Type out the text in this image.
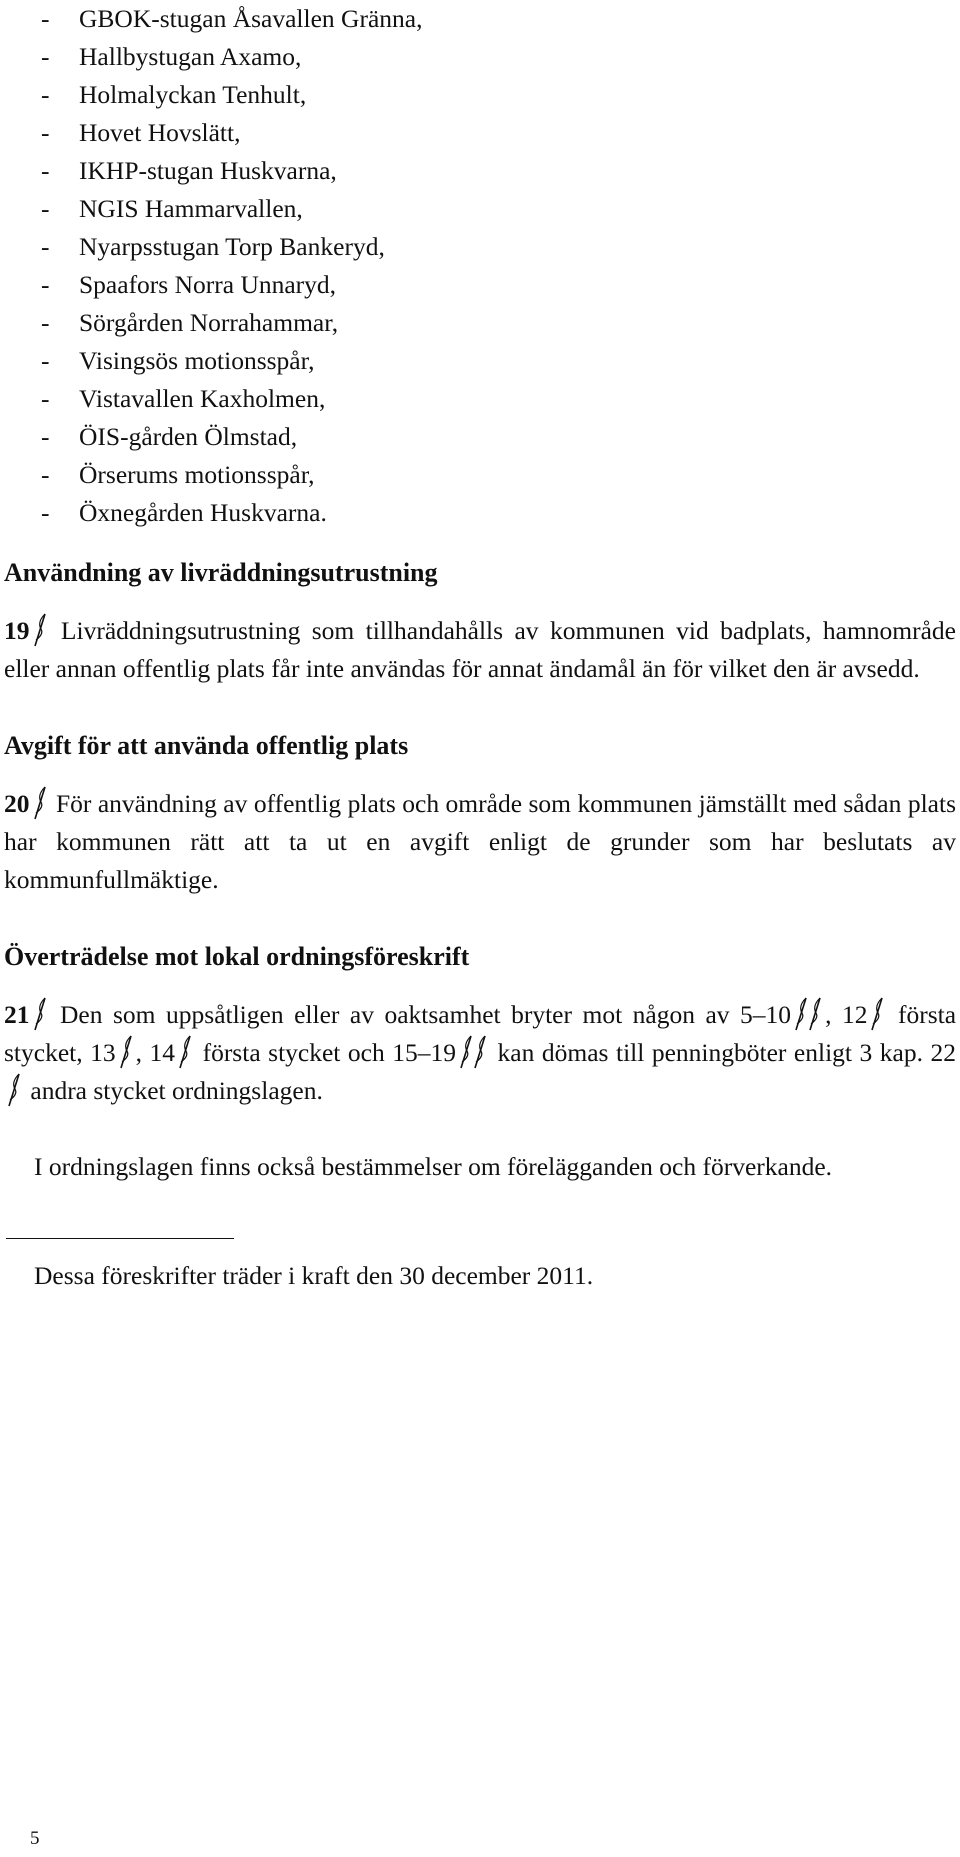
-	GBOK-stugan Åsavallen Gränna,
-	Hallbystugan Axamo,
-	Holmalyckan Tenhult,
-	Hovet Hovslätt,
-	IKHP-stugan Huskvarna,
-	NGIS Hammarvallen,
-	Nyarpsstugan Torp Bankeryd,
-	Spaafors Norra Unnaryd,
-	Sörgården Norrahammar,
-	Visingsös motionsspår,
-	Vistavallen Kaxholmen,
-	ÖIS-gården Ölmstad,
-	Örserums motionsspår,
-	Öxnegården Huskvarna.
Användning av livräddningsutrustning

19 Livräddningsutrustning som tillhandahålls av kommunen vid badplats, hamnområde eller annan offentlig plats får inte användas för annat ändamål än för vilket den är avsedd.

Avgift för att använda offentlig plats

20 För användning av offentlig plats och område som kommunen jämställt med sådan plats har kommunen rätt att ta ut en avgift enligt de grunder som har beslutats av kommunfullmäktige.

Överträdelse mot lokal ordningsföreskrift

21 Den som uppsåtligen eller av oaktsamhet bryter mot någon av 5–10 , 12
första stycket, 13 , 14
första stycket och 15–19
kan dömas till penningböter enligt 3 kap. 22
andra stycket ordningslagen.

I ordningslagen finns också bestämmelser om förelägganden och förverkande.

Dessa föreskrifter träder i kraft den 30 december 2011.

5
